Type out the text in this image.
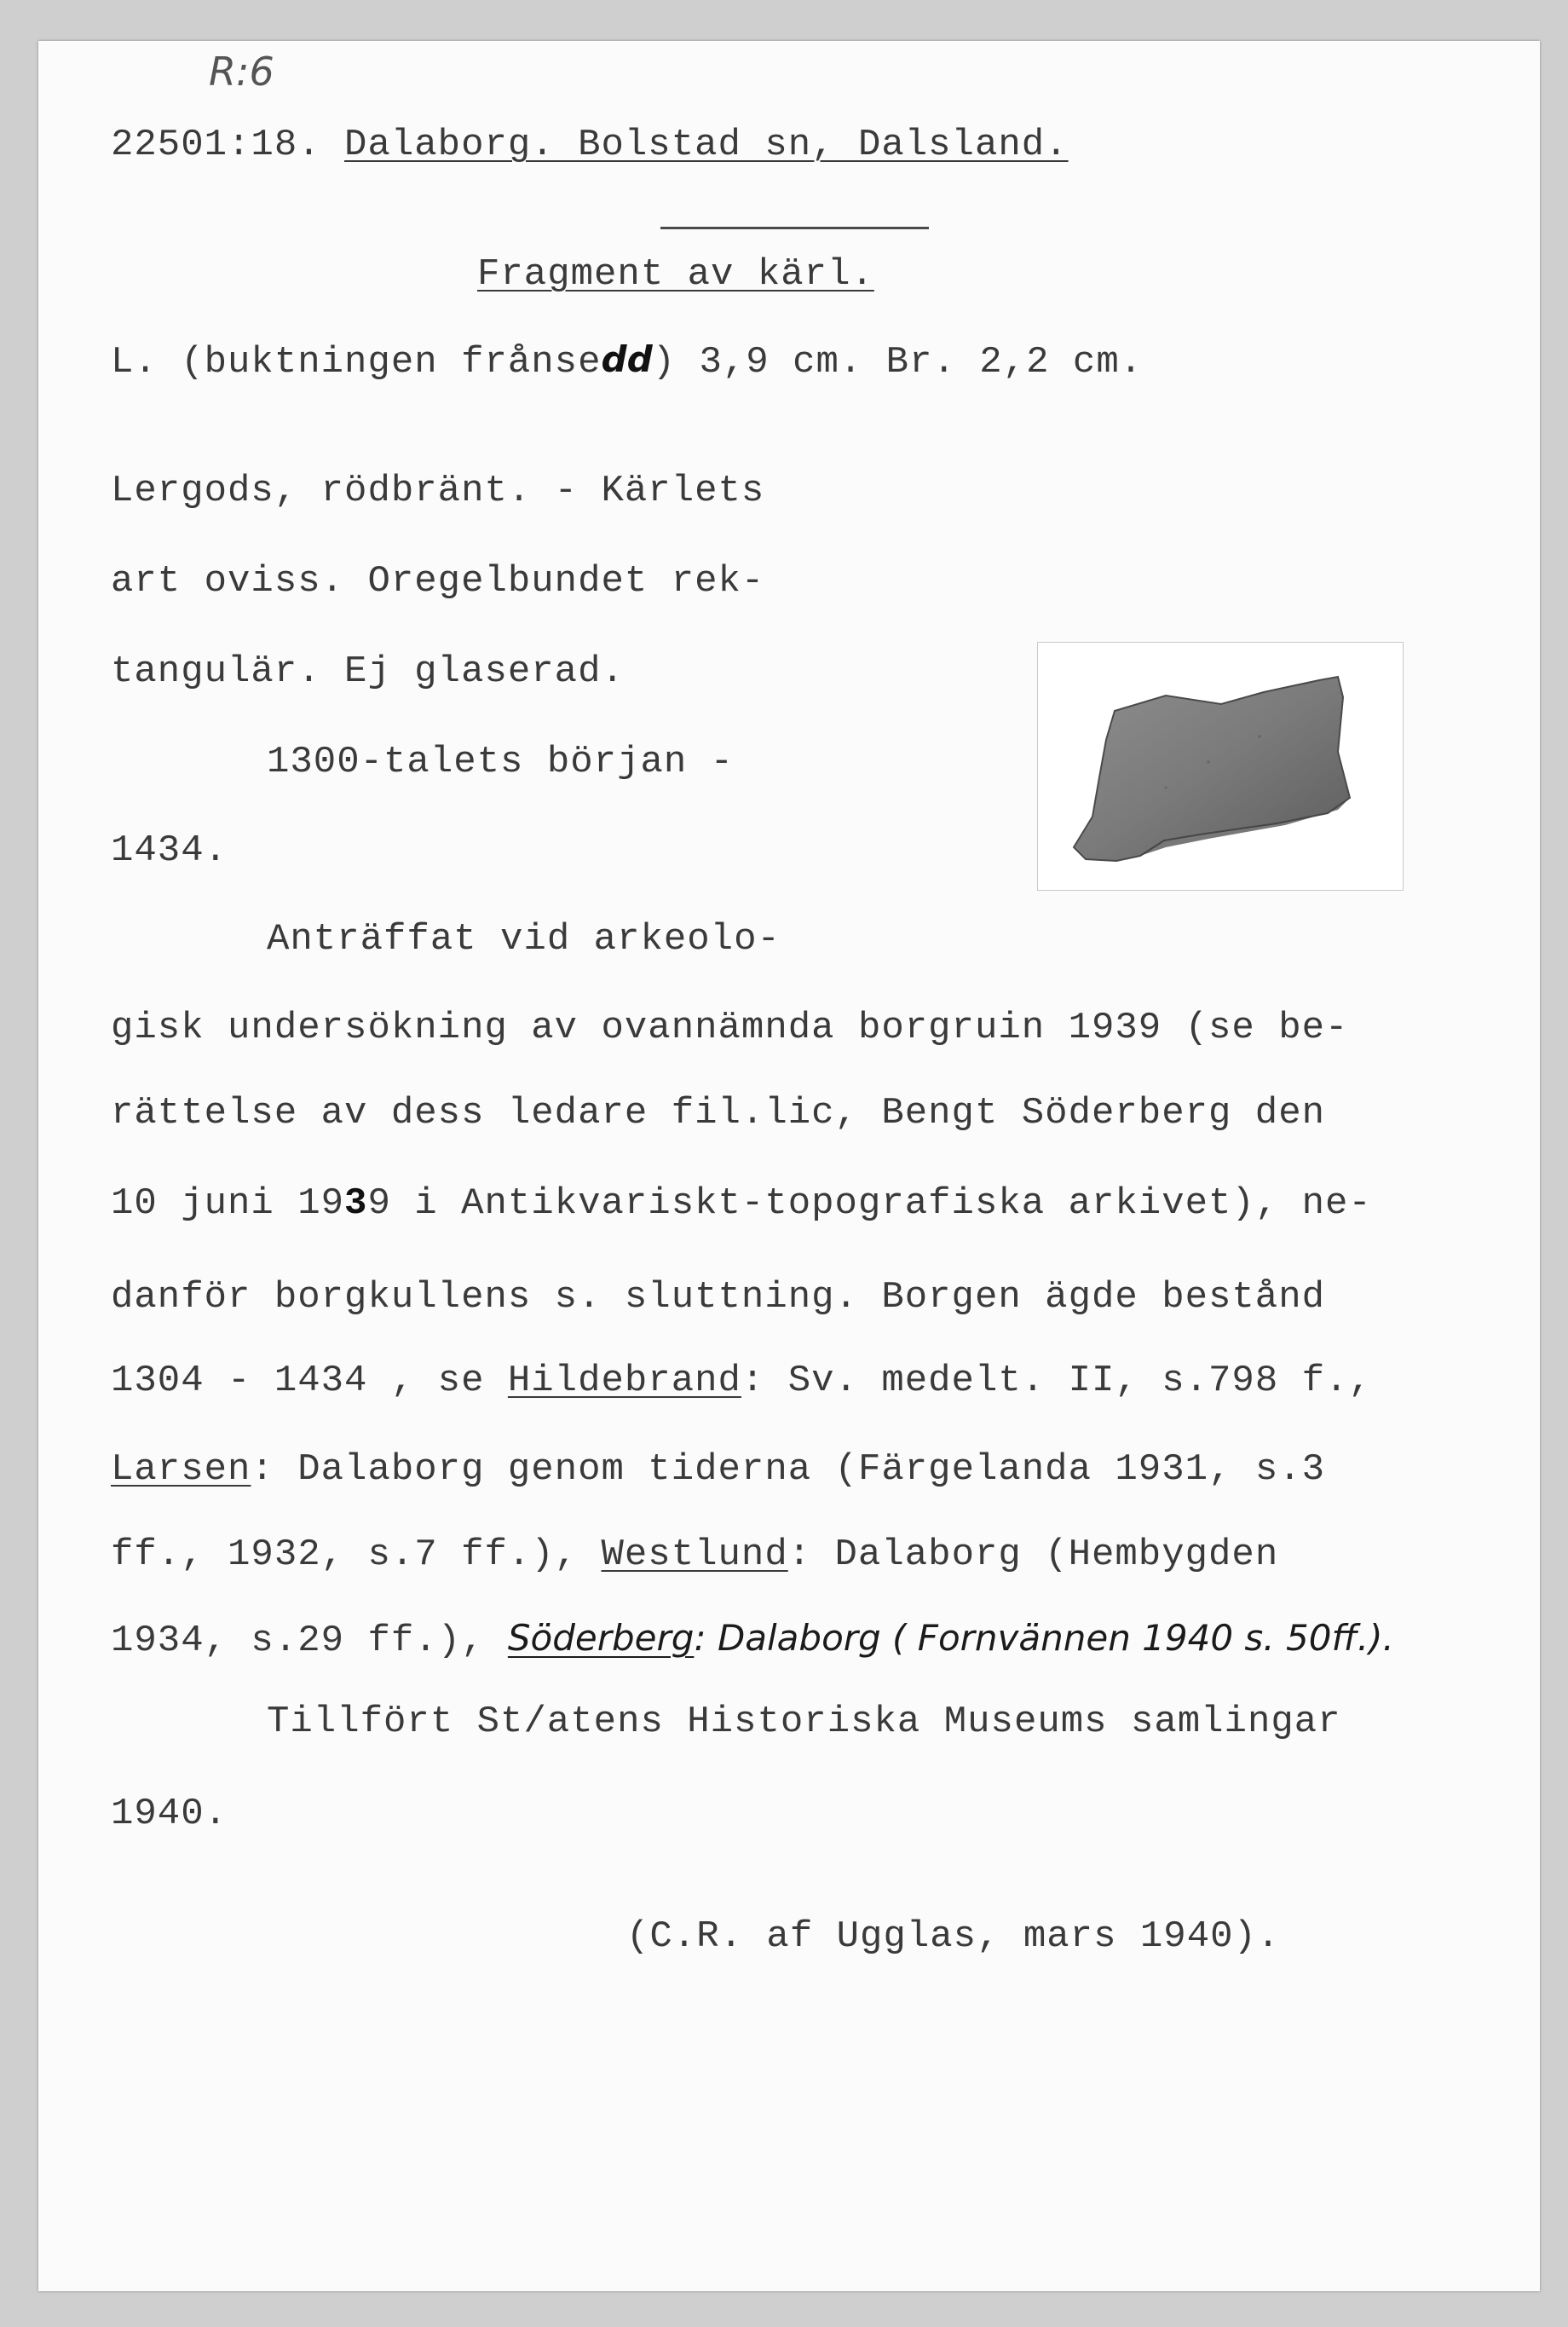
R:6
22501:18. Dalaborg. Bolstad sn, Dalsland.
Fragment av kärl.
L. (buktningen frånsedd) 3,9 cm. Br. 2,2 cm.
Lergods, rödbränt. - Kärlets
art oviss. Oregelbundet rek-
tangulär. Ej glaserad.
1300-talets början -
1434.
Anträffat vid arkeolo-
gisk undersökning av ovannämnda borgruin 1939 (se be-
rättelse av dess ledare fil.lic, Bengt Söderberg den
10 juni 1939 i Antikvariskt-topografiska arkivet), ne-
danför borgkullens s. sluttning. Borgen ägde bestånd
1304 - 1434 , se Hildebrand: Sv. medelt. II, s.798 f.,
Larsen: Dalaborg genom tiderna (Färgelanda 1931, s.3
ff., 1932, s.7 ff.), Westlund: Dalaborg (Hembygden
1934, s.29 ff.), Söderberg: Dalaborg ( Fornvännen 1940 s. 50ff.).
Tillfört St/atens Historiska Museums samlingar
1940.
(C.R. af Ugglas, mars 1940).
